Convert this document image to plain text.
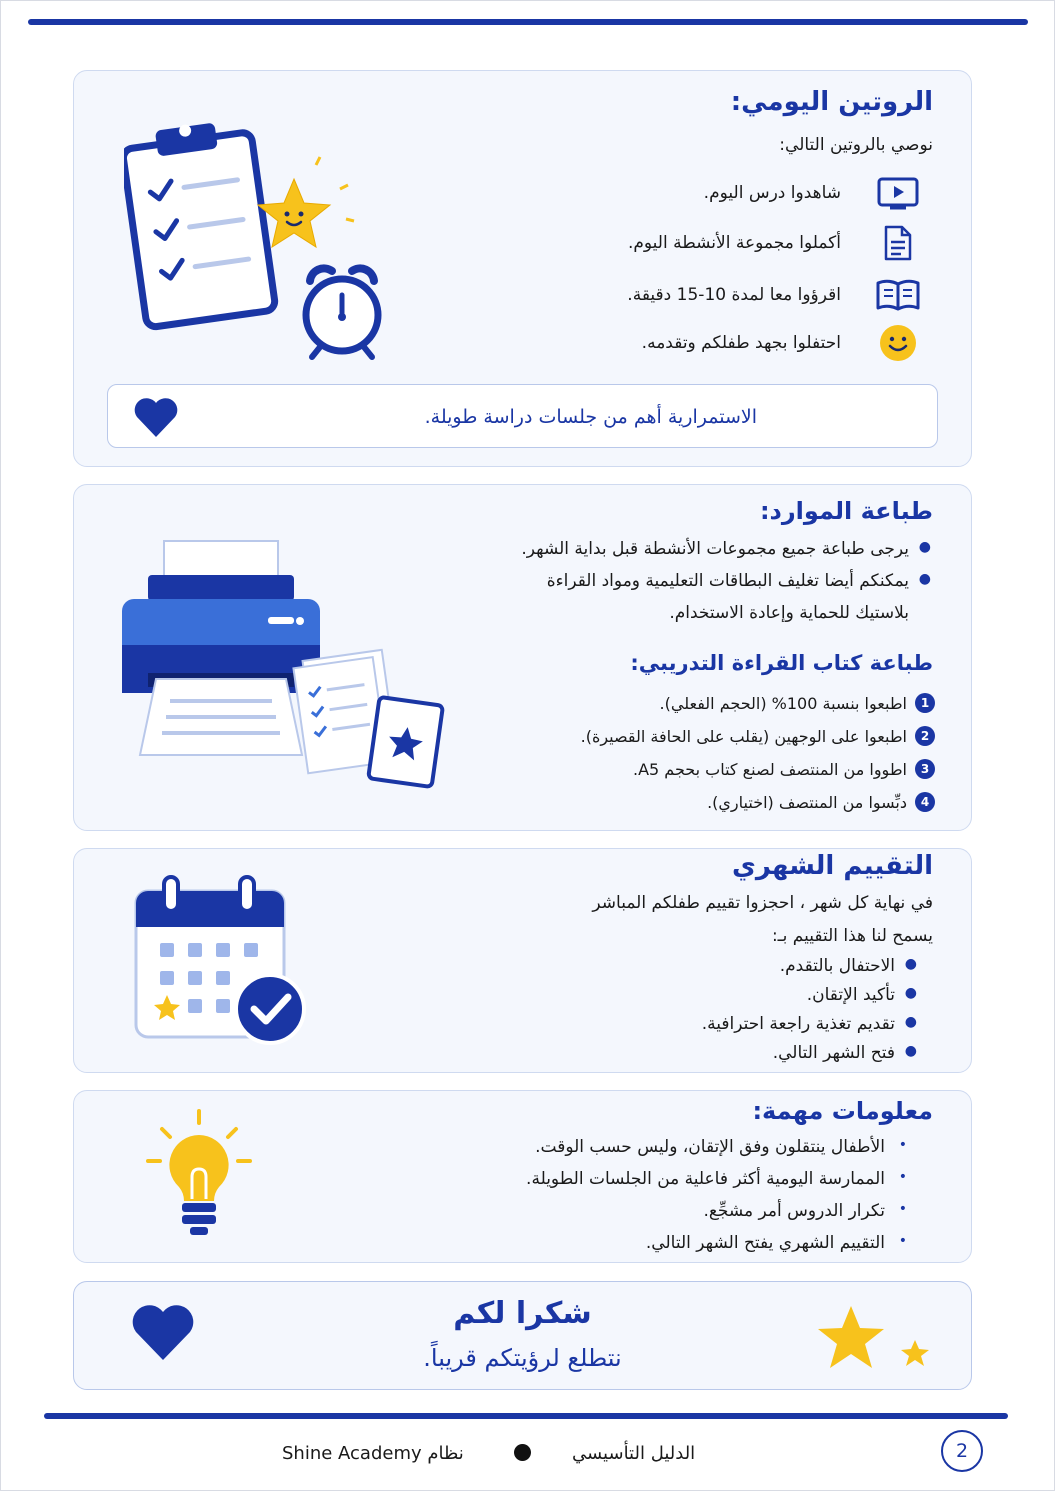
الروتين اليومي:
نوصي بالروتين التالي:
شاهدوا درس اليوم.
أكملوا مجموعة الأنشطة اليوم.
اقرؤوا معا لمدة 10-15 دقيقة.
احتفلوا بجهد طفلكم وتقدمه.
الاستمرارية أهم من جلسات دراسة طويلة.
طباعة الموارد:
●
يرجى طباعة جميع مجموعات الأنشطة قبل بداية الشهر.
●
يمكنكم أيضا تغليف البطاقات التعليمية ومواد القراءة
بلاستيك للحماية وإعادة الاستخدام.
طباعة كتاب القراءة التدريبي:
1
اطبعوا بنسبة 100% (الحجم الفعلي).
2
اطبعوا على الوجهين (يقلب على الحافة القصيرة).
3
اطووا من المنتصف لصنع كتاب بحجم A5.
4
دبِّسوا من المنتصف (اختياري).
التقييم الشهري
في نهاية كل شهر ، احجزوا تقييم طفلكم المباشر
يسمح لنا هذا التقييم بـ:
●
الاحتفال بالتقدم.
●
تأكيد الإتقان.
●
تقديم تغذية راجعة احترافية.
●
فتح الشهر التالي.
معلومات مهمة:
•
الأطفال ينتقلون وفق الإتقان، وليس حسب الوقت.
•
الممارسة اليومية أكثر فاعلية من الجلسات الطويلة.
•
تكرار الدروس أمر مشجِّع.
•
التقييم الشهري يفتح الشهر التالي.
شكرا لكم
نتطلع لرؤيتكم قريباً.
الدليل التأسيسي
Shine Academy نظام	2
